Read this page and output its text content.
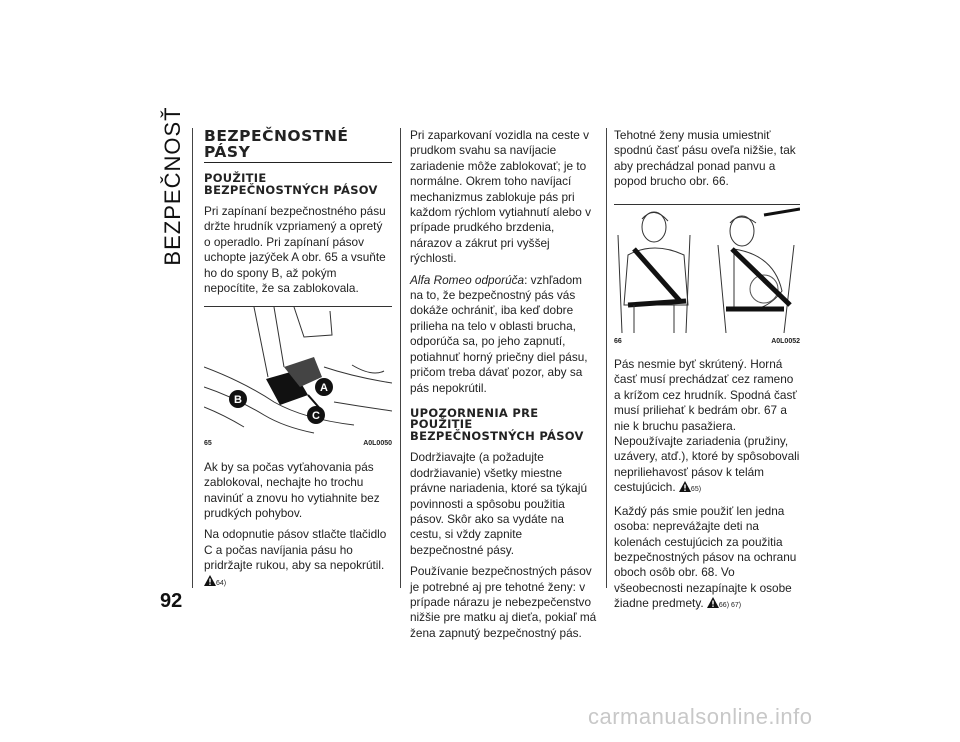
BEZPEČNOSŤ
92
BEZPEČNOSTNÉ PÁSY
POUŽITIE BEZPEČNOSTNÝCH PÁSOV

Pri zapínaní bezpečnostného pásu držte hrudník vzpriamený a opretý o operadlo. Pri zapínaní pásov uchopte jazýček A obr. 65 a vsuňte ho do spony B, až pokým nepocítite, že sa zablokovala.

A
B
C
65	A0L0050

Ak by sa počas vyťahovania pás zablokoval, nechajte ho trochu navinúť a znovu ho vytiahnite bez prudkých pohybov.

Na odopnutie pásov stlačte tlačidlo C a počas navíjania pásu ho pridržajte rukou, aby sa nepokrútil. 64)

Pri zaparkovaní vozidla na ceste v prudkom svahu sa navíjacie zariadenie môže zablokovať; je to normálne. Okrem toho navíjací mechanizmus zablokuje pás pri každom rýchlom vytiahnutí alebo v prípade prudkého brzdenia, nárazov a zákrut pri vyššej rýchlosti.

Alfa Romeo odporúča: vzhľadom na to, že bezpečnostný pás vás dokáže ochrániť, iba keď dobre prilieha na telo v oblasti brucha, odporúča sa, po jeho zapnutí, potiahnuť horný priečny diel pásu, pričom treba dávať pozor, aby sa pás nepokrútil.

UPOZORNENIA PRE POUŽITIE BEZPEČNOSTNÝCH PÁSOV

Dodržiavajte (a požadujte dodržiavanie) všetky miestne právne nariadenia, ktoré sa týkajú povinnosti a spôsobu použitia pásov. Skôr ako sa vydáte na cestu, si vždy zapnite bezpečnostné pásy.

Používanie bezpečnostných pásov je potrebné aj pre tehotné ženy: v prípade nárazu je nebezpečenstvo nižšie pre matku aj dieťa, pokiaľ má žena zapnutý bezpečnostný pás.

Tehotné ženy musia umiestniť spodnú časť pásu oveľa nižšie, tak aby prechádzal ponad panvu a popod brucho obr. 66.

66	A0L0052

Pás nesmie byť skrútený. Horná časť musí prechádzať cez rameno a krížom cez hrudník. Spodná časť musí priliehať k bedrám obr. 67 a nie k bruchu pasažiera. Nepoužívajte zariadenia (pružiny, uzávery, atď.), ktoré by spôsobovali nepriliehavosť pásov k telám cestujúcich. 65)

Každý pás smie použiť len jedna osoba: neprevážajte deti na kolenách cestujúcich za použitia bezpečnostných pásov na ochranu oboch osôb obr. 68. Vo všeobecnosti nezapínajte k osobe žiadne predmety. 66) 67)

carmanualsonline.info
